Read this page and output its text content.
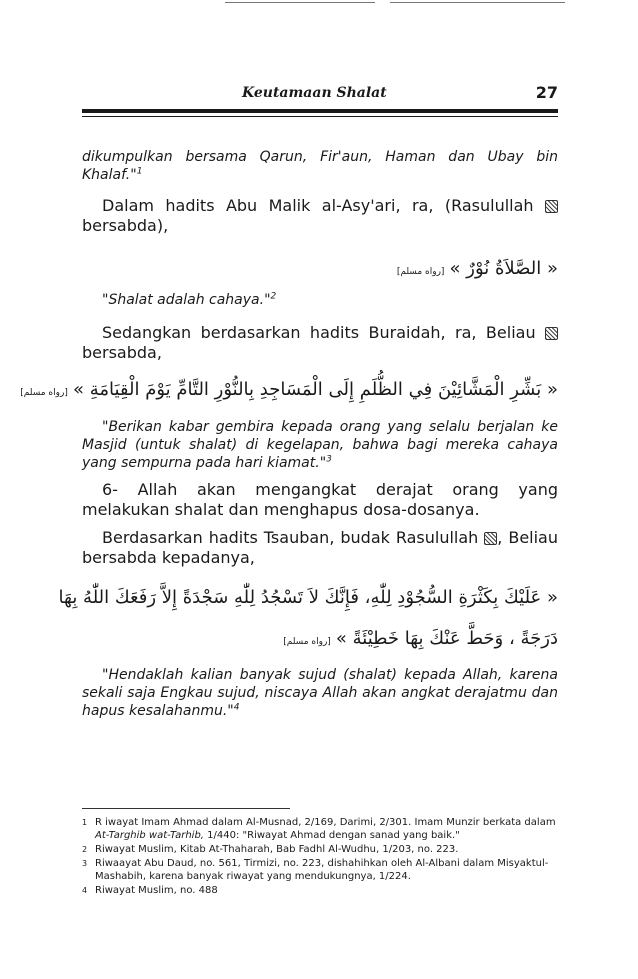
Keutamaan Shalat	27

dikumpulkan bersama Qarun, Fir'aun, Haman dan Ubay bin Khalaf."$^1$

Dalam hadits Abu Malik al-Asy'ari, ra, (Rasulullah  bersabda),

« الصَّلاَةُ نُوْرٌ » [رواه مسلم]

"Shalat adalah cahaya."$^2$

Sedangkan berdasarkan hadits Buraidah, ra, Beliau  bersabda,

« بَشِّرِ الْمَشَّائِيْنَ فِي الظُّلَمِ إِلَى الْمَسَاجِدِ بِالنُّوْرِ التَّامِّ يَوْمَ الْقِيَامَةِ » [رواه مسلم]

"Berikan kabar gembira kepada orang yang selalu berjalan ke Masjid (untuk shalat) di kegelapan, bahwa bagi mereka cahaya yang sempurna pada hari kiamat."$^3$

6- Allah akan mengangkat derajat orang yang melakukan shalat dan menghapus dosa-dosanya.

Berdasarkan hadits Tsauban, budak Rasulullah , Beliau bersabda kepadanya,

« عَلَيْكَ بِكَثْرَةِ السُّجُوْدِ لِلّٰهِ، فَإِنَّكَ لاَ تَسْجُدُ لِلّٰهِ سَجْدَةً إِلاَّ رَفَعَكَ اللّٰهُ بِهَا
دَرَجَةً ، وَحَطَّ عَنْكَ بِهَا خَطِيْئَةً » [رواه مسلم]

"Hendaklah kalian banyak sujud (shalat) kepada Allah, karena sekali saja Engkau sujud, niscaya Allah akan angkat derajatmu dan hapus kesalahanmu."$^4$

1 R iwayat Imam Ahmad dalam Al-Musnad, 2/169, Darimi, 2/301. Imam Munzir berkata dalam At-Targhib wat-Tarhib, 1/440: "Riwayat Ahmad dengan sanad yang baik."

2 Riwayat Muslim, Kitab At-Thaharah, Bab Fadhl Al-Wudhu, 1/203, no. 223.

3 Riwaayat Abu Daud, no. 561, Tirmizi, no. 223, dishahihkan oleh Al-Albani dalam Misyaktul-Mashabih, karena banyak riwayat yang mendukungnya, 1/224.

4 Riwayat Muslim, no. 488
